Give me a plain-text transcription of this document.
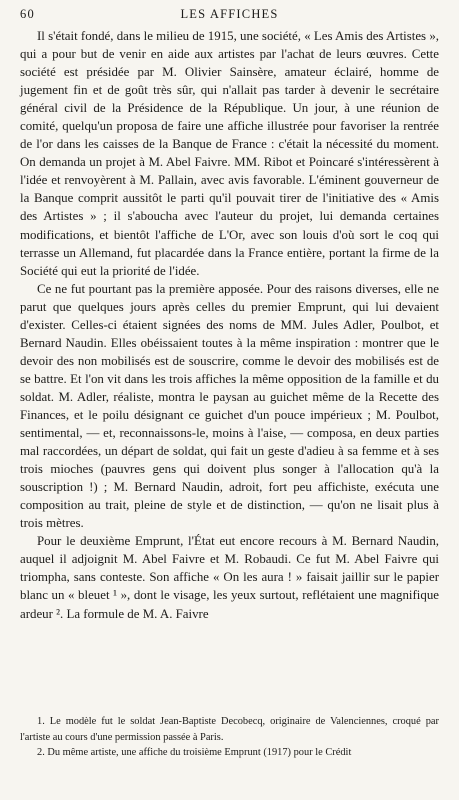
60	LES AFFICHES

Il s'était fondé, dans le milieu de 1915, une société, « Les Amis des Artistes », qui a pour but de venir en aide aux artistes par l'achat de leurs œuvres. Cette société est présidée par M. Olivier Sainsère, amateur éclairé, homme de jugement fin et de goût très sûr, qui n'allait pas tarder à devenir le secrétaire général civil de la Présidence de la République. Un jour, à une réunion de comité, quelqu'un proposa de faire une affiche illustrée pour favoriser la rentrée de l'or dans les caisses de la Banque de France : c'était la nécessité du moment. On demanda un projet à M. Abel Faivre. MM. Ribot et Poincaré s'intéressèrent à l'idée et renvoyèrent à M. Pallain, avec avis favorable. L'éminent gouverneur de la Banque comprit aussitôt le parti qu'il pouvait tirer de l'initiative des « Amis des Artistes » ; il s'aboucha avec l'auteur du projet, lui demanda certaines modifications, et bientôt l'affiche de L'Or, avec son louis d'où sort le coq qui terrasse un Allemand, fut placardée dans la France entière, portant la firme de la Société qui eut la priorité de l'idée.

Ce ne fut pourtant pas la première apposée. Pour des raisons diverses, elle ne parut que quelques jours après celles du premier Emprunt, qui lui devaient d'exister. Celles-ci étaient signées des noms de MM. Jules Adler, Poulbot, et Bernard Naudin. Elles obéissaient toutes à la même inspiration : montrer que le devoir des non mobilisés est de souscrire, comme le devoir des mobilisés est de se battre. Et l'on vit dans les trois affiches la même opposition de la famille et du soldat. M. Adler, réaliste, montra le paysan au guichet même de la Recette des Finances, et le poilu désignant ce guichet d'un pouce impérieux ; M. Poulbot, sentimental, — et, reconnaissons-le, moins à l'aise, — composa, en deux parties mal raccordées, un départ de soldat, qui fait un geste d'adieu à sa femme et à ses trois mioches (pauvres gens qui doivent plus songer à l'allocation qu'à la souscription !) ; M. Bernard Naudin, adroit, fort peu affichiste, exécuta une composition au trait, pleine de style et de distinction, — qu'on ne lisait plus à trois mètres.

Pour le deuxième Emprunt, l'État eut encore recours à M. Bernard Naudin, auquel il adjoignit M. Abel Faivre et M. Robaudi. Ce fut M. Abel Faivre qui triompha, sans conteste. Son affiche « On les aura ! » faisait jaillir sur le papier blanc un « bleuet ¹ », dont le visage, les yeux surtout, reflétaient une magnifique ardeur ². La formule de M. A. Faivre

1. Le modèle fut le soldat Jean-Baptiste Decobecq, originaire de Valenciennes, croqué par l'artiste au cours d'une permission passée à Paris.

2. Du même artiste, une affiche du troisième Emprunt (1917) pour le Crédit
